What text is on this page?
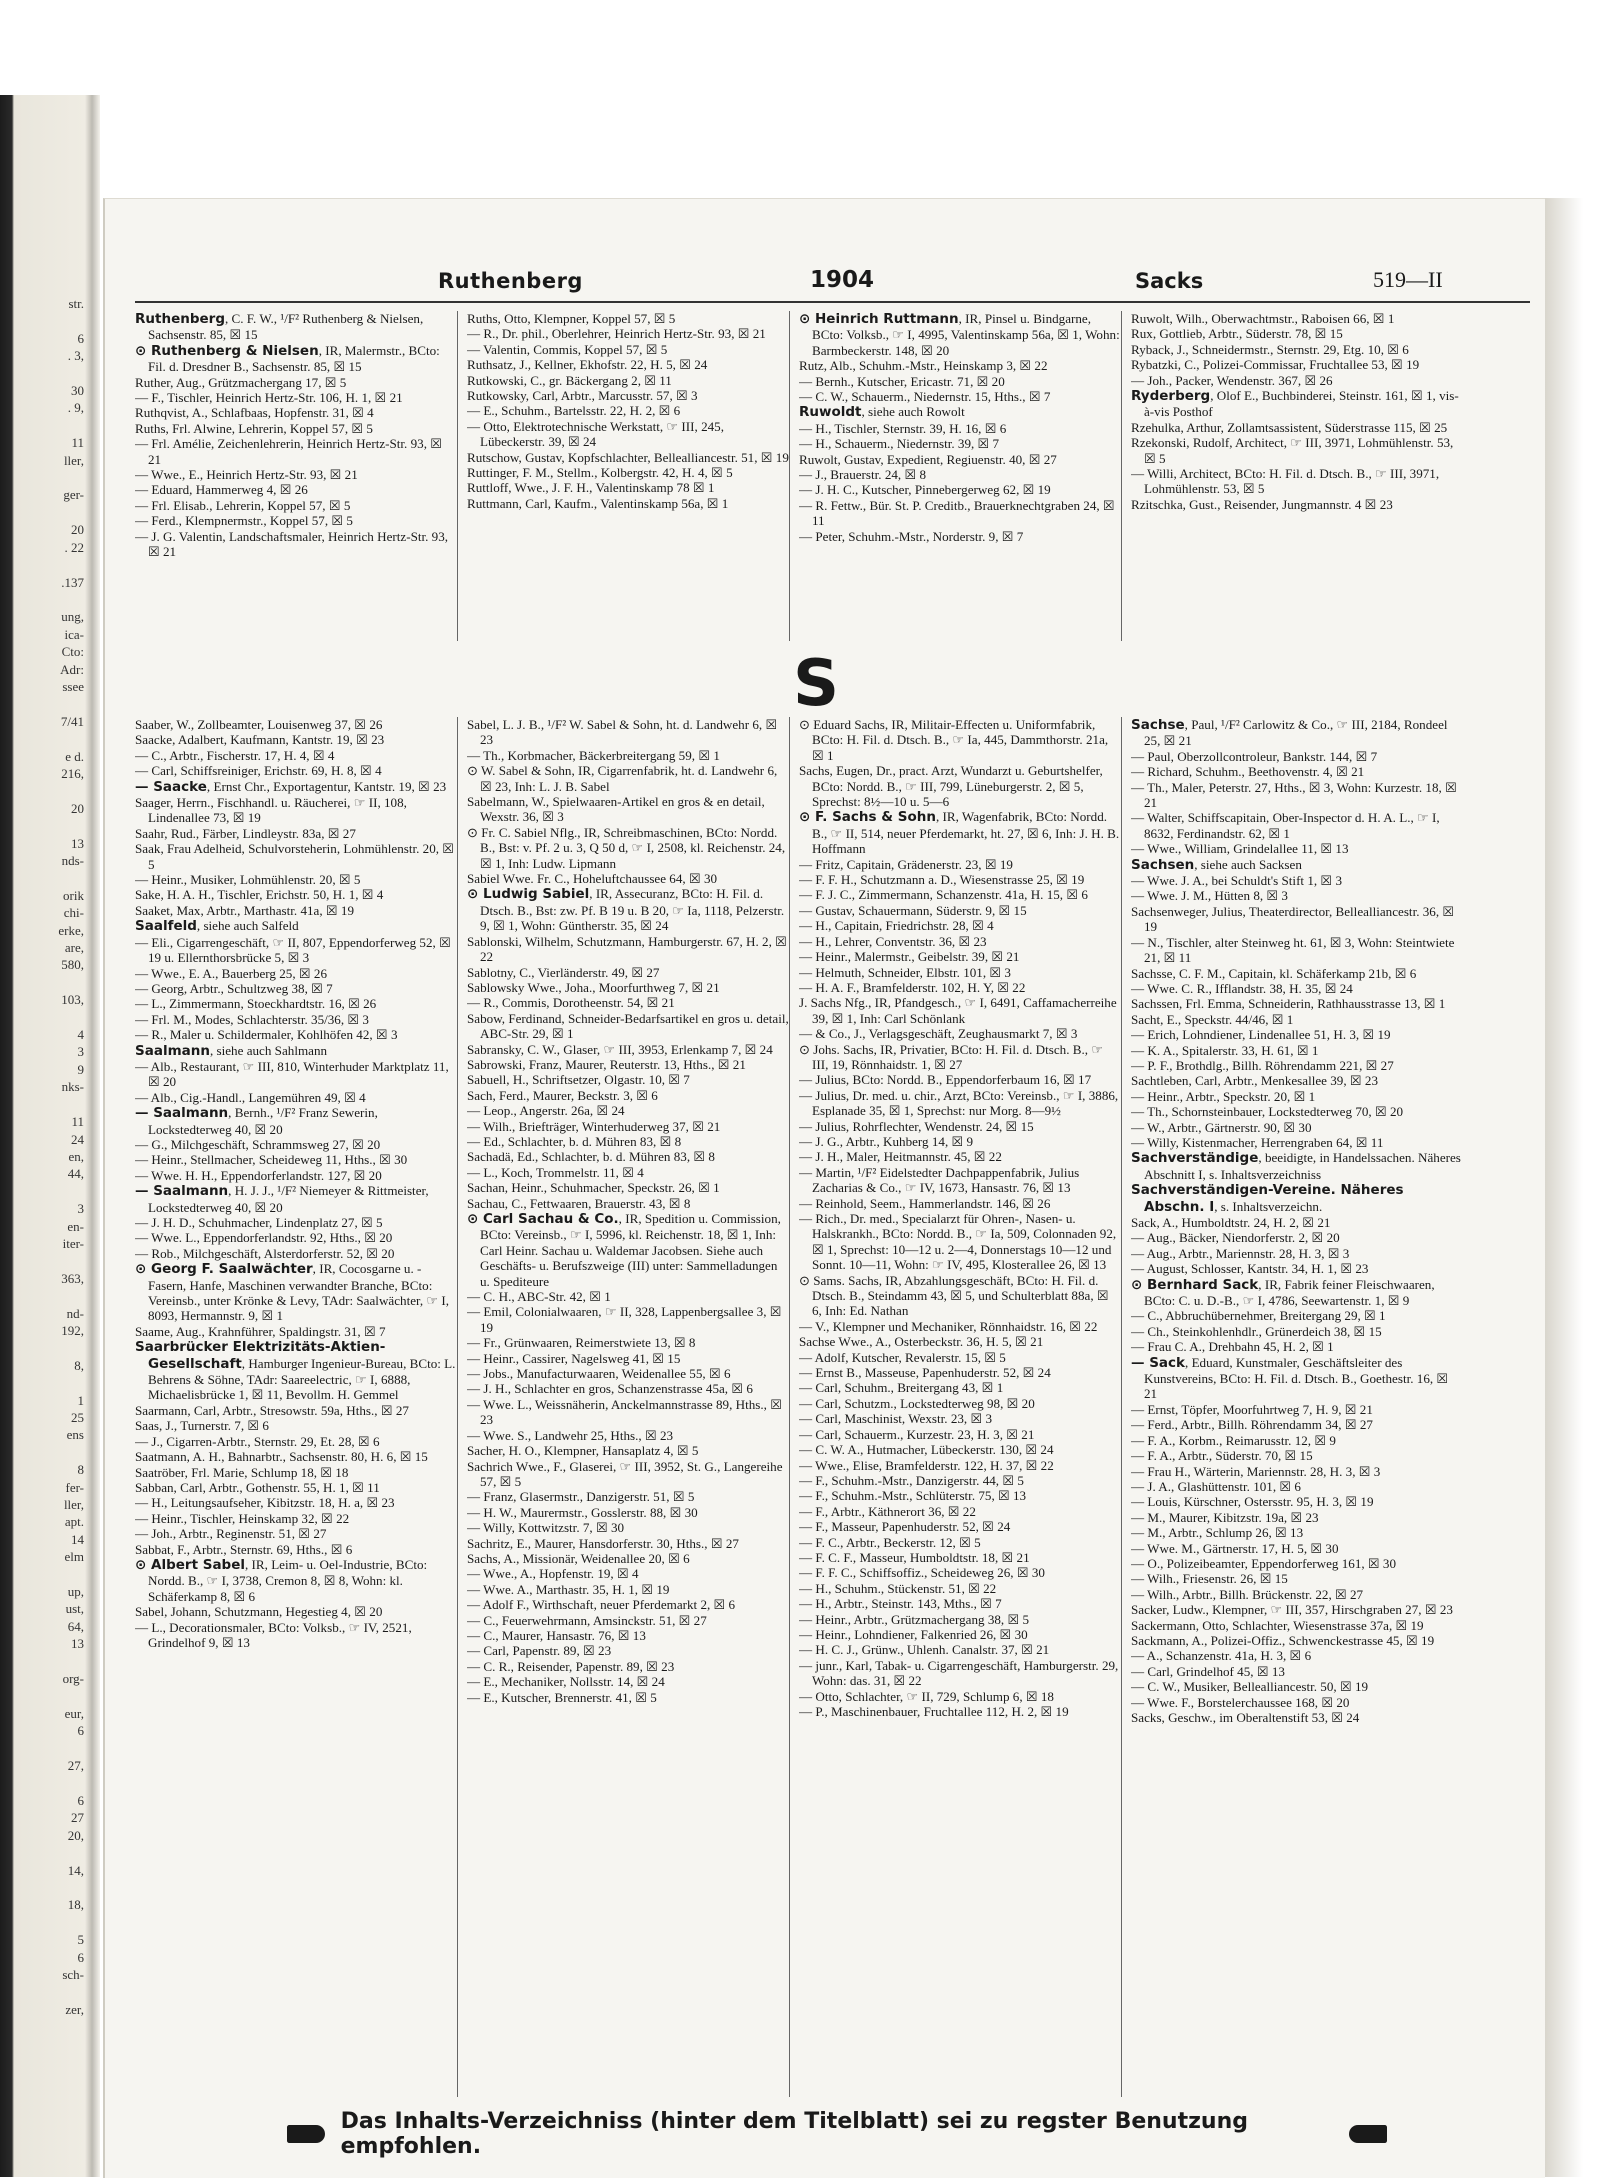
str.

6
. 3,

30
. 9,

11
ller,

ger-

20
. 22

.137

ung,
ica-
Cto:
Adr:
ssee

7/41

e d.
216,

20

13
nds-

orik
chi-
erke,
are,
580,

103,

4
3
9
nks-

11
24
en,
44,

3
en-
iter-

363,

nd-
192,

8,

1
25
ens

8
fer-
ller,
apt.
14
elm

up,
ust,
64,
13

org-

eur,
6

27,

6
27
20,

14,

18,

5
6
sch-

zer,
Ruthenberg	1904	Sacks	519—II

Ruthenberg, C. F. W., ¹/F² Ruthenberg & Nielsen, Sachsenstr. 85, ☒ 15

⊙ Ruthenberg & Nielsen, IR, Malermstr., BCto: Fil. d. Dresdner B., Sachsenstr. 85, ☒ 15

Ruther, Aug., Grützmachergang 17, ☒ 5

— F., Tischler, Heinrich Hertz-Str. 106, H. 1, ☒ 21

Ruthqvist, A., Schlafbaas, Hopfenstr. 31, ☒ 4

Ruths, Frl. Alwine, Lehrerin, Koppel 57, ☒ 5

— Frl. Amélie, Zeichenlehrerin, Heinrich Hertz-Str. 93, ☒ 21

— Wwe., E., Heinrich Hertz-Str. 93, ☒ 21

— Eduard, Hammerweg 4, ☒ 26

— Frl. Elisab., Lehrerin, Koppel 57, ☒ 5

— Ferd., Klempnermstr., Koppel 57, ☒ 5

— J. G. Valentin, Landschaftsmaler, Heinrich Hertz-Str. 93, ☒ 21

Ruths, Otto, Klempner, Koppel 57, ☒ 5

— R., Dr. phil., Oberlehrer, Heinrich Hertz-Str. 93, ☒ 21

— Valentin, Commis, Koppel 57, ☒ 5

Ruthsatz, J., Kellner, Ekhofstr. 22, H. 5, ☒ 24

Rutkowski, C., gr. Bäckergang 2, ☒ 11

Rutkowsky, Carl, Arbtr., Marcusstr. 57, ☒ 3

— E., Schuhm., Bartelsstr. 22, H. 2, ☒ 6

— Otto, Elektrotechnische Werkstatt, ☞ III, 245, Lübeckerstr. 39, ☒ 24

Rutschow, Gustav, Kopfschlachter, Bellealliancestr. 51, ☒ 19

Ruttinger, F. M., Stellm., Kolbergstr. 42, H. 4, ☒ 5

Ruttloff, Wwe., J. F. H., Valentinskamp 78 ☒ 1

Ruttmann, Carl, Kaufm., Valentinskamp 56a, ☒ 1

⊙ Heinrich Ruttmann, IR, Pinsel u. Bindgarne, BCto: Volksb., ☞ I, 4995, Valentinskamp 56a, ☒ 1, Wohn: Barmbeckerstr. 148, ☒ 20

Rutz, Alb., Schuhm.-Mstr., Heinskamp 3, ☒ 22

— Bernh., Kutscher, Ericastr. 71, ☒ 20

— C. W., Schauerm., Niedernstr. 15, Hths., ☒ 7

Ruwoldt, siehe auch Rowolt

— H., Tischler, Sternstr. 39, H. 16, ☒ 6

— H., Schauerm., Niedernstr. 39, ☒ 7

Ruwolt, Gustav, Expedient, Regiuenstr. 40, ☒ 27

— J., Brauerstr. 24, ☒ 8

— J. H. C., Kutscher, Pinnebergerweg 62, ☒ 19

— R. Fettw., Bür. St. P. Creditb., Brauerknechtgraben 24, ☒ 11

— Peter, Schuhm.-Mstr., Norderstr. 9, ☒ 7

Ruwolt, Wilh., Oberwachtmstr., Raboisen 66, ☒ 1

Rux, Gottlieb, Arbtr., Süderstr. 78, ☒ 15

Ryback, J., Schneidermstr., Sternstr. 29, Etg. 10, ☒ 6

Rybatzki, C., Polizei-Commissar, Fruchtallee 53, ☒ 19

— Joh., Packer, Wendenstr. 367, ☒ 26

Ryderberg, Olof E., Buchbinderei, Steinstr. 161, ☒ 1, vis-à-vis Posthof

Rzehulka, Arthur, Zollamtsassistent, Süderstrasse 115, ☒ 25

Rzekonski, Rudolf, Architect, ☞ III, 3971, Lohmühlenstr. 53, ☒ 5

— Willi, Architect, BCto: H. Fil. d. Dtsch. B., ☞ III, 3971, Lohmühlenstr. 53, ☒ 5

Rzitschka, Gust., Reisender, Jungmannstr. 4 ☒ 23

S

Saaber, W., Zollbeamter, Louisenweg 37, ☒ 26

Saacke, Adalbert, Kaufmann, Kantstr. 19, ☒ 23

— C., Arbtr., Fischerstr. 17, H. 4, ☒ 4

— Carl, Schiffsreiniger, Erichstr. 69, H. 8, ☒ 4

— Saacke, Ernst Chr., Exportagentur, Kantstr. 19, ☒ 23

Saager, Herrn., Fischhandl. u. Räucherei, ☞ II, 108, Lindenallee 73, ☒ 19

Saahr, Rud., Färber, Lindleystr. 83a, ☒ 27

Saak, Frau Adelheid, Schulvorsteherin, Lohmühlenstr. 20, ☒ 5

— Heinr., Musiker, Lohmühlenstr. 20, ☒ 5

Sake, H. A. H., Tischler, Erichstr. 50, H. 1, ☒ 4

Saaket, Max, Arbtr., Marthastr. 41a, ☒ 19

Saalfeld, siehe auch Salfeld

— Eli., Cigarrengeschäft, ☞ II, 807, Eppendorferweg 52, ☒ 19 u. Ellernthorsbrücke 5, ☒ 3

— Wwe., E. A., Bauerberg 25, ☒ 26

— Georg, Arbtr., Schultzweg 38, ☒ 7

— L., Zimmermann, Stoeckhardtstr. 16, ☒ 26

— Frl. M., Modes, Schlachterstr. 35/36, ☒ 3

— R., Maler u. Schildermaler, Kohlhöfen 42, ☒ 3

Saalmann, siehe auch Sahlmann

— Alb., Restaurant, ☞ III, 810, Winterhuder Marktplatz 11, ☒ 20

— Alb., Cig.-Handl., Langemühren 49, ☒ 4

— Saalmann, Bernh., ¹/F² Franz Sewerin, Lockstedterweg 40, ☒ 20

— G., Milchgeschäft, Schrammsweg 27, ☒ 20

— Heinr., Stellmacher, Scheideweg 11, Hths., ☒ 30

— Wwe. H. H., Eppendorferlandstr. 127, ☒ 20

— Saalmann, H. J. J., ¹/F² Niemeyer & Rittmeister, Lockstedterweg 40, ☒ 20

— J. H. D., Schuhmacher, Lindenplatz 27, ☒ 5

— Wwe. L., Eppendorferlandstr. 92, Hths., ☒ 20

— Rob., Milchgeschäft, Alsterdorferstr. 52, ☒ 20

⊙ Georg F. Saalwächter, IR, Cocosgarne u. -Fasern, Hanfe, Maschinen verwandter Branche, BCto: Vereinsb., unter Krönke & Levy, TAdr: Saalwächter, ☞ I, 8093, Hermannstr. 9, ☒ 1

Saame, Aug., Krahnführer, Spaldingstr. 31, ☒ 7

Saarbrücker Elektrizitäts-Aktien-Gesellschaft, Hamburger Ingenieur-Bureau, BCto: L. Behrens & Söhne, TAdr: Saareelectric, ☞ I, 6888, Michaelisbrücke 1, ☒ 11, Bevollm. H. Gemmel

Saarmann, Carl, Arbtr., Stresowstr. 59a, Hths., ☒ 27

Saas, J., Turnerstr. 7, ☒ 6

— J., Cigarren-Arbtr., Sternstr. 29, Et. 28, ☒ 6

Saatmann, A. H., Bahnarbtr., Sachsenstr. 80, H. 6, ☒ 15

Saatröber, Frl. Marie, Schlump 18, ☒ 18

Sabban, Carl, Arbtr., Gothenstr. 55, H. 1, ☒ 11

— H., Leitungsaufseher, Kibitzstr. 18, H. a, ☒ 23

— Heinr., Tischler, Heinskamp 32, ☒ 22

— Joh., Arbtr., Reginenstr. 51, ☒ 27

Sabbat, F., Arbtr., Sternstr. 69, Hths., ☒ 6

⊙ Albert Sabel, IR, Leim- u. Oel-Industrie, BCto: Nordd. B., ☞ I, 3738, Cremon 8, ☒ 8, Wohn: kl. Schäferkamp 8, ☒ 6

Sabel, Johann, Schutzmann, Hegestieg 4, ☒ 20

— L., Decorationsmaler, BCto: Volksb., ☞ IV, 2521, Grindelhof 9, ☒ 13

Sabel, L. J. B., ¹/F² W. Sabel & Sohn, ht. d. Landwehr 6, ☒ 23

— Th., Korbmacher, Bäckerbreitergang 59, ☒ 1

⊙ W. Sabel & Sohn, IR, Cigarrenfabrik, ht. d. Landwehr 6, ☒ 23, Inh: L. J. B. Sabel

Sabelmann, W., Spielwaaren-Artikel en gros & en detail, Wexstr. 36, ☒ 3

⊙ Fr. C. Sabiel Nflg., IR, Schreibmaschinen, BCto: Nordd. B., Bst: v. Pf. 2 u. 3, Q 50 d, ☞ I, 2508, kl. Reichenstr. 24, ☒ 1, Inh: Ludw. Lipmann

Sabiel Wwe. Fr. C., Hoheluftchaussee 64, ☒ 30

⊙ Ludwig Sabiel, IR, Assecuranz, BCto: H. Fil. d. Dtsch. B., Bst: zw. Pf. B 19 u. B 20, ☞ Ia, 1118, Pelzerstr. 9, ☒ 1, Wohn: Güntherstr. 35, ☒ 24

Sablonski, Wilhelm, Schutzmann, Hamburgerstr. 67, H. 2, ☒ 22

Sablotny, C., Vierländerstr. 49, ☒ 27

Sablowsky Wwe., Joha., Moorfurthweg 7, ☒ 21

— R., Commis, Dorotheenstr. 54, ☒ 21

Sabow, Ferdinand, Schneider-Bedarfsartikel en gros u. detail, ABC-Str. 29, ☒ 1

Sabransky, C. W., Glaser, ☞ III, 3953, Erlenkamp 7, ☒ 24

Sabrowski, Franz, Maurer, Reuterstr. 13, Hths., ☒ 21

Sabuell, H., Schriftsetzer, Olgastr. 10, ☒ 7

Sach, Ferd., Maurer, Beckstr. 3, ☒ 6

— Leop., Angerstr. 26a, ☒ 24

— Wilh., Briefträger, Winterhuderweg 37, ☒ 21

— Ed., Schlachter, b. d. Mühren 83, ☒ 8

Sachadä, Ed., Schlachter, b. d. Mühren 83, ☒ 8

— L., Koch, Trommelstr. 11, ☒ 4

Sachan, Heinr., Schuhmacher, Speckstr. 26, ☒ 1

Sachau, C., Fettwaaren, Brauerstr. 43, ☒ 8

⊙ Carl Sachau & Co., IR, Spedition u. Commission, BCto: Vereinsb., ☞ I, 5996, kl. Reichenstr. 18, ☒ 1, Inh: Carl Heinr. Sachau u. Waldemar Jacobsen. Siehe auch Geschäfts- u. Berufszweige (III) unter: Sammelladungen u. Spediteure

— C. H., ABC-Str. 42, ☒ 1

— Emil, Colonialwaaren, ☞ II, 328, Lappenbergsallee 3, ☒ 19

— Fr., Grünwaaren, Reimerstwiete 13, ☒ 8

— Heinr., Cassirer, Nagelsweg 41, ☒ 15

— Jobs., Manufacturwaaren, Weidenallee 55, ☒ 6

— J. H., Schlachter en gros, Schanzenstrasse 45a, ☒ 6

— Wwe. L., Weissnäherin, Anckelmannstrasse 89, Hths., ☒ 23

— Wwe. S., Landwehr 25, Hths., ☒ 23

Sacher, H. O., Klempner, Hansaplatz 4, ☒ 5

Sachrich Wwe., F., Glaserei, ☞ III, 3952, St. G., Langereihe 57, ☒ 5

— Franz, Glasermstr., Danzigerstr. 51, ☒ 5

— H. W., Maurermstr., Gosslerstr. 88, ☒ 30

— Willy, Kottwitzstr. 7, ☒ 30

Sachritz, E., Maurer, Hansdorferstr. 30, Hths., ☒ 27

Sachs, A., Missionär, Weidenallee 20, ☒ 6

— Wwe., A., Hopfenstr. 19, ☒ 4

— Wwe. A., Marthastr. 35, H. 1, ☒ 19

— Adolf F., Wirthschaft, neuer Pferdemarkt 2, ☒ 6

— C., Feuerwehrmann, Amsinckstr. 51, ☒ 27

— C., Maurer, Hansastr. 76, ☒ 13

— Carl, Papenstr. 89, ☒ 23

— C. R., Reisender, Papenstr. 89, ☒ 23

— E., Mechaniker, Nollsstr. 14, ☒ 24

— E., Kutscher, Brennerstr. 41, ☒ 5

⊙ Eduard Sachs, IR, Militair-Effecten u. Uniformfabrik, BCto: H. Fil. d. Dtsch. B., ☞ Ia, 445, Dammthorstr. 21a, ☒ 1

Sachs, Eugen, Dr., pract. Arzt, Wundarzt u. Geburtshelfer, BCto: Nordd. B., ☞ III, 799, Lüneburgerstr. 2, ☒ 5, Sprechst: 8½—10 u. 5—6

⊙ F. Sachs & Sohn, IR, Wagenfabrik, BCto: Nordd. B., ☞ II, 514, neuer Pferdemarkt, ht. 27, ☒ 6, Inh: J. H. B. Hoffmann

— Fritz, Capitain, Grädenerstr. 23, ☒ 19

— F. F. H., Schutzmann a. D., Wiesenstrasse 25, ☒ 19

— F. J. C., Zimmermann, Schanzenstr. 41a, H. 15, ☒ 6

— Gustav, Schauermann, Süderstr. 9, ☒ 15

— H., Capitain, Friedrichstr. 28, ☒ 4

— H., Lehrer, Conventstr. 36, ☒ 23

— Heinr., Malermstr., Geibelstr. 39, ☒ 21

— Helmuth, Schneider, Elbstr. 101, ☒ 3

— H. A. F., Bramfelderstr. 102, H. Y, ☒ 22

J. Sachs Nfg., IR, Pfandgesch., ☞ I, 6491, Caffamacherreihe 39, ☒ 1, Inh: Carl Schönlank

— & Co., J., Verlagsgeschäft, Zeughausmarkt 7, ☒ 3

⊙ Johs. Sachs, IR, Privatier, BCto: H. Fil. d. Dtsch. B., ☞ III, 19, Rönnhaidstr. 1, ☒ 27

— Julius, BCto: Nordd. B., Eppendorferbaum 16, ☒ 17

— Julius, Dr. med. u. chir., Arzt, BCto: Vereinsb., ☞ I, 3886, Esplanade 35, ☒ 1, Sprechst: nur Morg. 8—9½

— Julius, Rohrflechter, Wendenstr. 24, ☒ 15

— J. G., Arbtr., Kuhberg 14, ☒ 9

— J. H., Maler, Heitmannstr. 45, ☒ 22

— Martin, ¹/F² Eidelstedter Dachpappenfabrik, Julius Zacharias & Co., ☞ IV, 1673, Hansastr. 76, ☒ 13

— Reinhold, Seem., Hammerlandstr. 146, ☒ 26

— Rich., Dr. med., Specialarzt für Ohren-, Nasen- u. Halskrankh., BCto: Nordd. B., ☞ Ia, 509, Colonnaden 92, ☒ 1, Sprechst: 10—12 u. 2—4, Donnerstags 10—12 und Sonnt. 10—11, Wohn: ☞ IV, 495, Klosterallee 26, ☒ 13

⊙ Sams. Sachs, IR, Abzahlungsgeschäft, BCto: H. Fil. d. Dtsch. B., Steindamm 43, ☒ 5, und Schulterblatt 88a, ☒ 6, Inh: Ed. Nathan

— V., Klempner und Mechaniker, Rönnhaidstr. 16, ☒ 22

Sachse Wwe., A., Osterbeckstr. 36, H. 5, ☒ 21

— Adolf, Kutscher, Revalerstr. 15, ☒ 5

— Ernst B., Masseuse, Papenhuderstr. 52, ☒ 24

— Carl, Schuhm., Breitergang 43, ☒ 1

— Carl, Schutzm., Lockstedterweg 98, ☒ 20

— Carl, Maschinist, Wexstr. 23, ☒ 3

— Carl, Schauerm., Kurzestr. 23, H. 3, ☒ 21

— C. W. A., Hutmacher, Lübeckerstr. 130, ☒ 24

— Wwe., Elise, Bramfelderstr. 122, H. 37, ☒ 22

— F., Schuhm.-Mstr., Danzigerstr. 44, ☒ 5

— F., Schuhm.-Mstr., Schlüterstr. 75, ☒ 13

— F., Arbtr., Käthnerort 36, ☒ 22

— F., Masseur, Papenhuderstr. 52, ☒ 24

— F. C., Arbtr., Beckerstr. 12, ☒ 5

— F. C. F., Masseur, Humboldtstr. 18, ☒ 21

— F. F. C., Schiffsoffiz., Scheideweg 26, ☒ 30

— H., Schuhm., Stückenstr. 51, ☒ 22

— H., Arbtr., Steinstr. 143, Mths., ☒ 7

— Heinr., Arbtr., Grützmachergang 38, ☒ 5

— Heinr., Lohndiener, Falkenried 26, ☒ 30

— H. C. J., Grünw., Uhlenh. Canalstr. 37, ☒ 21

— junr., Karl, Tabak- u. Cigarrengeschäft, Hamburgerstr. 29, Wohn: das. 31, ☒ 22

— Otto, Schlachter, ☞ II, 729, Schlump 6, ☒ 18

— P., Maschinenbauer, Fruchtallee 112, H. 2, ☒ 19

Sachse, Paul, ¹/F² Carlowitz & Co., ☞ III, 2184, Rondeel 25, ☒ 21

— Paul, Oberzollcontroleur, Bankstr. 144, ☒ 7

— Richard, Schuhm., Beethovenstr. 4, ☒ 21

— Th., Maler, Peterstr. 27, Hths., ☒ 3, Wohn: Kurzestr. 18, ☒ 21

— Walter, Schiffscapitain, Ober-Inspector d. H. A. L., ☞ I, 8632, Ferdinandstr. 62, ☒ 1

— Wwe., William, Grindelallee 11, ☒ 13

Sachsen, siehe auch Sacksen

— Wwe. J. A., bei Schuldt's Stift 1, ☒ 3

— Wwe. J. M., Hütten 8, ☒ 3

Sachsenweger, Julius, Theaterdirector, Bellealliancestr. 36, ☒ 19

— N., Tischler, alter Steinweg ht. 61, ☒ 3, Wohn: Steintwiete 21, ☒ 11

Sachsse, C. F. M., Capitain, kl. Schäferkamp 21b, ☒ 6

— Wwe. C. R., Ifflandstr. 38, H. 35, ☒ 24

Sachssen, Frl. Emma, Schneiderin, Rathhausstrasse 13, ☒ 1

Sacht, E., Speckstr. 44/46, ☒ 1

— Erich, Lohndiener, Lindenallee 51, H. 3, ☒ 19

— K. A., Spitalerstr. 33, H. 61, ☒ 1

— P. F., Brothdlg., Billh. Röhrendamm 221, ☒ 27

Sachtleben, Carl, Arbtr., Menkesallee 39, ☒ 23

— Heinr., Arbtr., Speckstr. 20, ☒ 1

— Th., Schornsteinbauer, Lockstedterweg 70, ☒ 20

— W., Arbtr., Gärtnerstr. 90, ☒ 30

— Willy, Kistenmacher, Herrengraben 64, ☒ 11

Sachverständige, beeidigte, in Handelssachen. Näheres Abschnitt I, s. Inhaltsverzeichniss

Sachverständigen-Vereine. Näheres Abschn. I, s. Inhaltsverzeichn.

Sack, A., Humboldtstr. 24, H. 2, ☒ 21

— Aug., Bäcker, Niendorferstr. 2, ☒ 20

— Aug., Arbtr., Mariennstr. 28, H. 3, ☒ 3

— August, Schlosser, Kantstr. 34, H. 1, ☒ 23

⊙ Bernhard Sack, IR, Fabrik feiner Fleischwaaren, BCto: C. u. D.-B., ☞ I, 4786, Seewartenstr. 1, ☒ 9

— C., Abbruchübernehmer, Breitergang 29, ☒ 1

— Ch., Steinkohlenhdlr., Grünerdeich 38, ☒ 15

— Frau C. A., Drehbahn 45, H. 2, ☒ 1

— Sack, Eduard, Kunstmaler, Geschäftsleiter des Kunstvereins, BCto: H. Fil. d. Dtsch. B., Goethestr. 16, ☒ 21

— Ernst, Töpfer, Moorfuhrtweg 7, H. 9, ☒ 21

— Ferd., Arbtr., Billh. Röhrendamm 34, ☒ 27

— F. A., Korbm., Reimarusstr. 12, ☒ 9

— F. A., Arbtr., Süderstr. 70, ☒ 15

— Frau H., Wärterin, Mariennstr. 28, H. 3, ☒ 3

— J. A., Glashüttenstr. 101, ☒ 6

— Louis, Kürschner, Ostersstr. 95, H. 3, ☒ 19

— M., Maurer, Kibitzstr. 19a, ☒ 23

— M., Arbtr., Schlump 26, ☒ 13

— Wwe. M., Gärtnerstr. 17, H. 5, ☒ 30

— O., Polizeibeamter, Eppendorferweg 161, ☒ 30

— Wilh., Friesenstr. 26, ☒ 15

— Wilh., Arbtr., Billh. Brückenstr. 22, ☒ 27

Sacker, Ludw., Klempner, ☞ III, 357, Hirschgraben 27, ☒ 23

Sackermann, Otto, Schlachter, Wiesenstrasse 37a, ☒ 19

Sackmann, A., Polizei-Offiz., Schwenckestrasse 45, ☒ 19

— A., Schanzenstr. 41a, H. 3, ☒ 6

— Carl, Grindelhof 45, ☒ 13

— C. W., Musiker, Bellealliancestr. 50, ☒ 19

— Wwe. F., Borstelerchaussee 168, ☒ 20

Sacks, Geschw., im Oberaltenstift 53, ☒ 24

Das Inhalts-Verzeichniss (hinter dem Titelblatt) sei zu regster Benutzung empfohlen.
